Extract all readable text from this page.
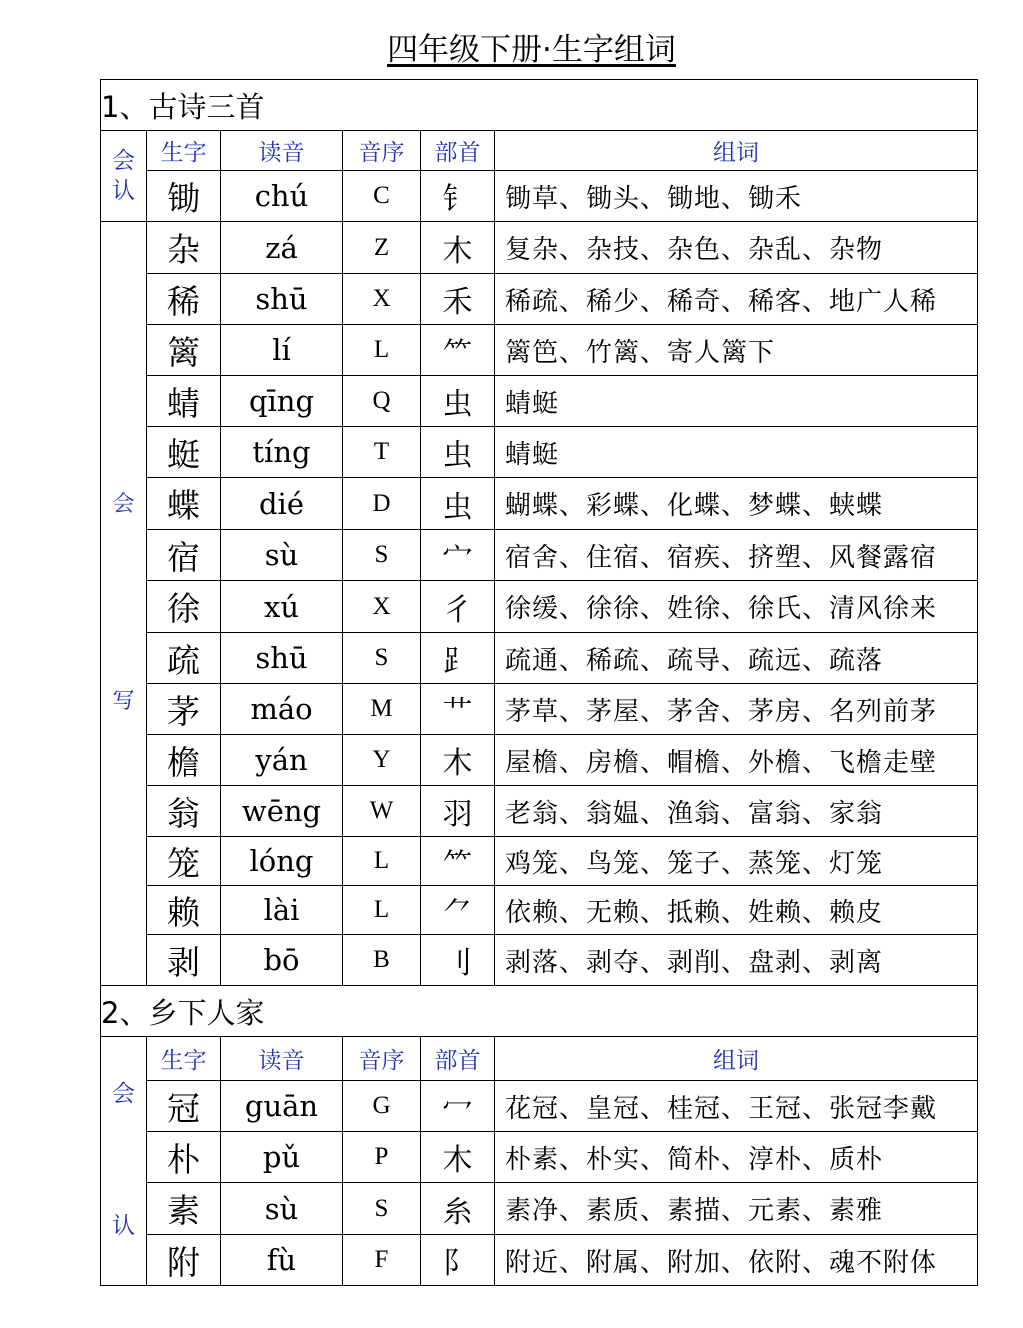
四年级下册·生字组词
1、古诗三首					

会
认	生字	读音	音序	部首	组词
	锄	chú	C	钅	锄草、锄头、锄地、锄禾

会
写	杂	zá	Z	木	复杂、杂技、杂色、杂乱、杂物
	稀	shū	X	禾	稀疏、稀少、稀奇、稀客、地广人稀
	篱	lí	L	⺮	篱笆、竹篱、寄人篱下
	蜻	qīng	Q	虫	蜻蜓
	蜓	tíng	T	虫	蜻蜓
	蝶	dié	D	虫	蝴蝶、彩蝶、化蝶、梦蝶、蛱蝶
	宿	sù	S	宀	宿舍、住宿、宿疾、挤塑、风餐露宿
	徐	xú	X	彳	徐缓、徐徐、姓徐、徐氏、清风徐来
	疏	shū	S	⻊	疏通、稀疏、疏导、疏远、疏落
	茅	máo	M	艹	茅草、茅屋、茅舍、茅房、名列前茅
	檐	yán	Y	木	屋檐、房檐、帽檐、外檐、飞檐走壁
	翁	wēng	W	羽	老翁、翁媪、渔翁、富翁、家翁
	笼	lóng	L	⺮	鸡笼、鸟笼、笼子、蒸笼、灯笼
	赖	lài	L	⺈	依赖、无赖、抵赖、姓赖、赖皮
	剥	bō	B	刂	剥落、剥夺、剥削、盘剥、剥离
2、乡下人家					

会
认	生字	读音	音序	部首	组词
	冠	guān	G	冖	花冠、皇冠、桂冠、王冠、张冠李戴
	朴	pǔ	P	木	朴素、朴实、简朴、淳朴、质朴
	素	sù	S	糸	素净、素质、素描、元素、素雅
	附	fù	F	阝	附近、附属、附加、依附、魂不附体
